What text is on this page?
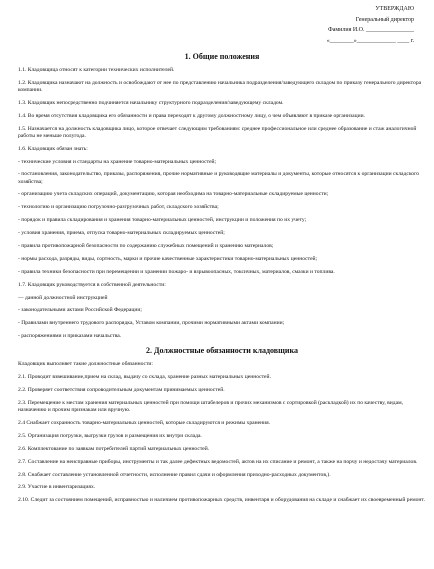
УТВЕРЖДАЮ
Генеральный директор
Фамилия И.О. ________________
«________»_____________ ____ г.
1. Общие положения

1.1. Кладовщица относят к категории технических исполнителей.

1.2. Кладовщика назначают на должность и освобождают от нее по представлению начальника подразделения/заведующего складом по приказу генерального директора компании.

1.3. Кладовщик непосредственно подчиняется начальнику структурного подразделения/заведующему складом.

1.4. Во время отсутствия кладовщика его обязанности и права переходят к другому должностному лицу, о чем объявляют в приказе организации.

1.5. Назначается на должность кладовщика лицо, которое отвечает следующим требованиям: среднее профессиональное или среднее образование и стаж аналогичной работы не меньше полугода.

1.6. Кладовщик обязан знать:

- технические условия и стандарты на хранение товарно-материальных ценностей;

- постановления, законодательство, приказы, распоряжения, прочие нормативные и руководящие материалы и документы, которые относятся к организации складского хозяйства;

- организацию учета складских операций, документацию, которая необходима на товарно-материальные складируемые ценности;

- технологию и организацию погрузочно-разгрузочных работ, складского хозяйства;

- порядок и правила складирования и хранения товарно-материальных ценностей, инструкции и положения по их учету;

- условия хранения, приема, отпуска товарно-материальных складируемых ценностей;

- правила противопожарной безопасности по содержанию служебных помещений и хранению материалов;

- нормы расхода, разряды, виды, сортность, марки и прочие качественные характеристики товарно-материальных ценностей;

- правила техники безопасности при перемещении и хранении пожаро- и взрывоопасных, токсичных, материалов, смазки и топлива.

1.7. Кладовщик руководствуется в собственной деятельности:

— данной должностной инструкцией

- законодательными актами Российской Федерации;

- Правилами внутреннего трудового распорядка, Уставом компании, прочими нормативными актами компании;

- распоряжениями и приказами начальства.

2. Должностные обязанности кладовщика

Кладовщик выполняет такие должностные обязанности:

2.1. Проводит взвешивание,прием на склад, выдачу со склада, хранение разных материальных ценностей.

2.2. Проверяет соответствия сопроводительным документам принимаемых ценностей.

2.3. Перемещение к местам хранения материальных ценностей при помощи штабелеров и прочих механизмов с сортировкой (раскладкой) их по качеству, видам, назначению и прочим признакам или вручную.

2.4 Снабжает сохранность товарно-материальных ценностей, которые складируются и режимы хранения.

2.5. Организация погрузки, выгрузки грузов и размещения их внутри склада.

2.6. Комплектование по заявкам потребителей партий материальных ценностей.

2.7. Составление на неисправные приборы, инструменты и так далее дефектных ведомостей, актов на их списание и ремонт, а также на порчу и недостачу материалов.

2.8. Снабжает составление установленной отчетности, исполнение правил сдачи и оформления приходно-расходных документов,).

2.9. Участие в инвентаризациях.

2.10. Следит за состоянием помещений, исправностью и наличием противопожарных средств, инвентаря и оборудования на складе и снабжает их своевременный ремонт.
